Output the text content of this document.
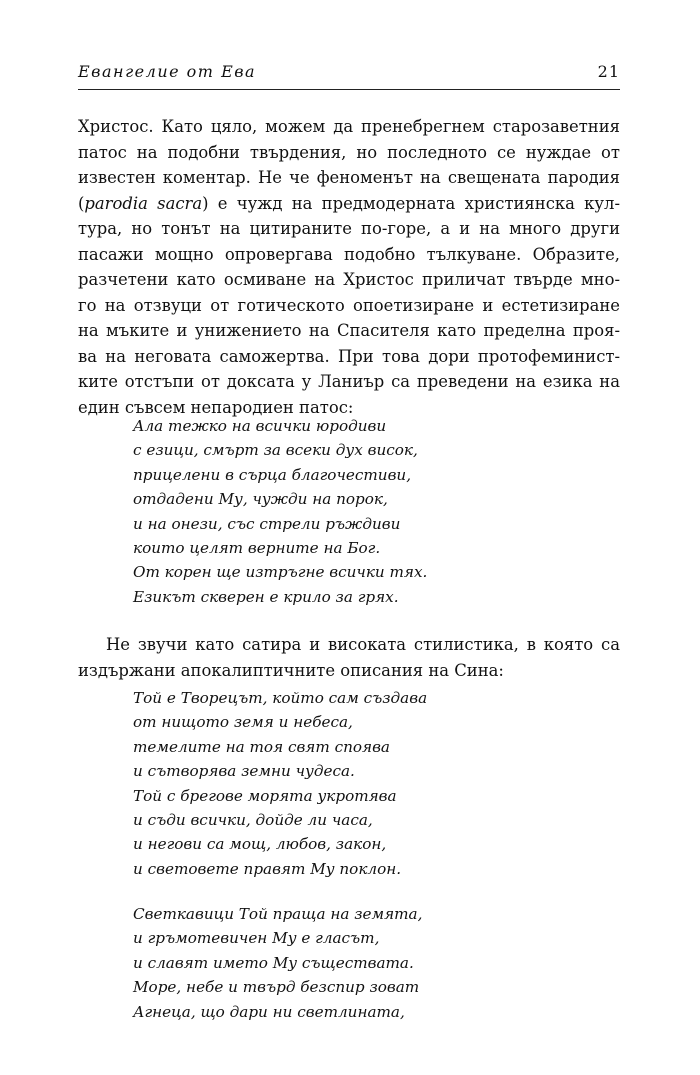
Евангелие от Ева	21
Христос. Като цяло, можем да пренебрегнем старозаветния
патос на подобни твърдения, но последното се нуждае от
известен коментар. Не че феноменът на свещената пародия
(parodia sacra) е чужд на предмодерната християнска кул-
тура, но тонът на цитираните по-горе, а и на много други
пасажи мощно опровергава подобно тълкуване. Образите,
разчетени като осмиване на Христос приличат твърде мно-
го на отзвуци от готическото опоетизиране и естетизиране
на мъките и унижението на Спасителя като пределна проя-
ва на неговата саможертва. При това дори протофеминист-
ките отстъпи от доксата у Ланиър са преведени на езика на
един съвсем непародиен патос:
Ала тежко на всички юродиви
с езици, смърт за всеки дух висок,
прицелени в сърца благочестиви,
отдадени Му, чужди на порок,
и на онези, със стрели ръждиви
които целят верните на Бог.
От корен ще изтръгне всички тях.
Езикът скверен е крило за грях.
Не звучи като сатира и високата стилистика, в която са
издържани апокалиптичните описания на Сина:
Той е Творецът, който сам създава
от нищото земя и небеса,
темелите на тоя свят споява
и сътворява земни чудеса.
Той с брегове морята укротява
и съди всички, дойде ли часа,
и негови са мощ, любов, закон,
и световете правят Му поклон.
Светкавици Той праща на земята,
и гръмотевичен Му е гласът,
и славят името Му съществата.
Море, небе и твърд безспир зоват
Агнеца, що дари ни светлината,
